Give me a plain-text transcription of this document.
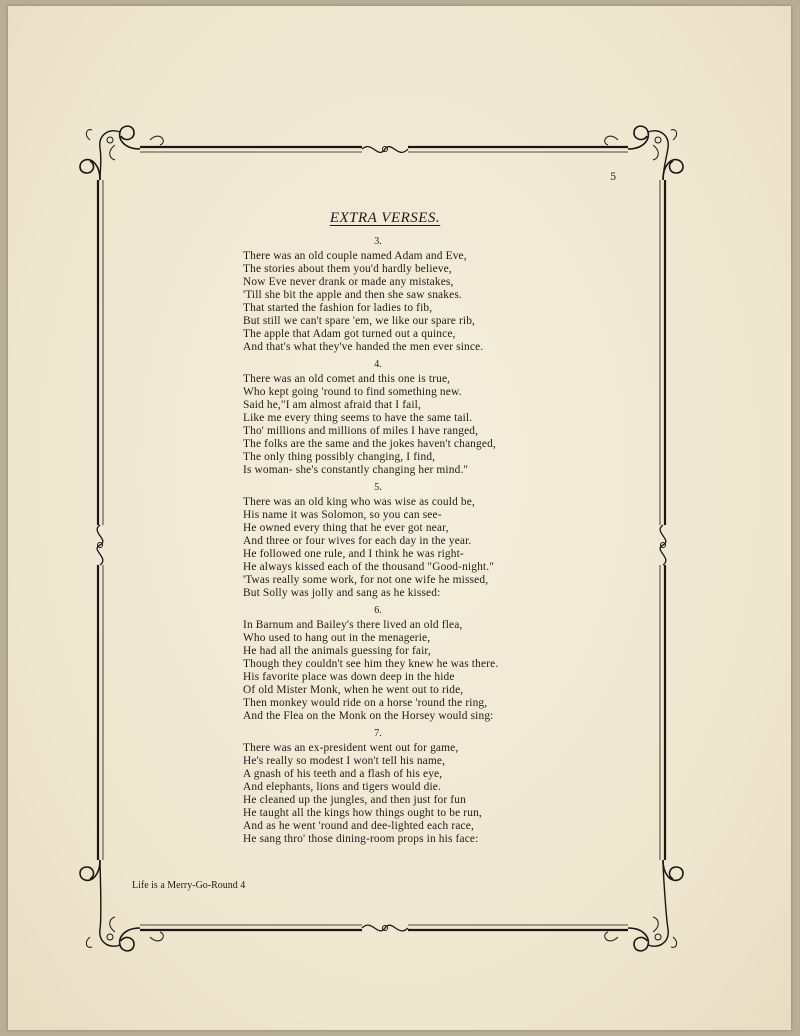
5
EXTRA VERSES.
3.
There was an old couple named Adam and Eve,
The stories about them you'd hardly believe,
Now Eve never drank or made any mistakes,
'Till she bit the apple and then she saw snakes.
That started the fashion for ladies to fib,
But still we can't spare 'em, we like our spare rib,
The apple that Adam got turned out a quince,
And that's what they've handed the men ever since.
4.
There was an old comet and this one is true,
Who kept going 'round to find something new.
Said he,"I am almost afraid that I fail,
Like me every thing seems to have the same tail.
Tho' millions and millions of miles I have ranged,
The folks are the same and the jokes haven't changed,
The only thing possibly changing, I find,
Is woman- she's constantly changing her mind."
5.
There was an old king who was wise as could be,
His name it was Solomon, so you can see-
He owned every thing that he ever got near,
And three or four wives for each day in the year.
He followed one rule, and I think he was right-
He always kissed each of the thousand "Good-night."
'Twas really some work, for not one wife he missed,
But Solly was jolly and sang as he kissed:
6.
In Barnum and Bailey's there lived an old flea,
Who used to hang out in the menagerie,
He had all the animals guessing for fair,
Though they couldn't see him they knew he was there.
His favorite place was down deep in the hide
Of old Mister Monk, when he went out to ride,
Then monkey would ride on a horse 'round the ring,
And the Flea on the Monk on the Horsey would sing:
7.
There was an ex-president went out for game,
He's really so modest I won't tell his name,
A gnash of his teeth and a flash of his eye,
And elephants, lions and tigers would die.
He cleaned up the jungles, and then just for fun
He taught all the kings how things ought to be run,
And as he went 'round and dee-lighted each race,
He sang thro' those dining-room props in his face:
Life is a Merry-Go-Round 4
